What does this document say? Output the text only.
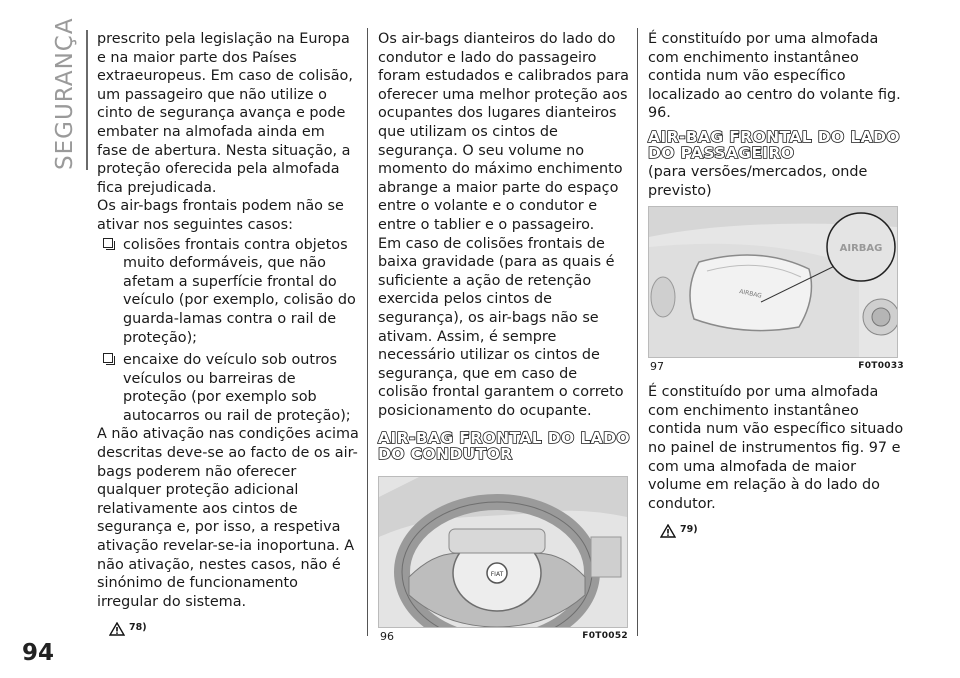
SEGURANÇA
94

prescrito pela legislação na Europa e na maior parte dos Países extraeuropeus. Em caso de colisão, um passageiro que não utilize o cinto de segurança avança e pode embater na almofada ainda em fase de abertura. Nesta situação, a proteção oferecida pela almofada fica prejudicada.

Os air-bags frontais podem não se ativar nos seguintes casos:

colisões frontais contra objetos muito deformáveis, que não afetam a superfície frontal do veículo (por exemplo, colisão do guarda-lamas contra o rail de proteção);
encaixe do veículo sob outros veículos ou barreiras de proteção (por exemplo sob autocarros ou rail de proteção);

A não ativação nas condições acima descritas deve-se ao facto de os air-bags poderem não oferecer qualquer proteção adicional relativamente aos cintos de segurança e, por isso, a respetiva ativação revelar-se-ia inoportuna. A não ativação, nestes casos, não é sinónimo de funcionamento irregular do sistema.

78)

Os air-bags dianteiros do lado do condutor e lado do passageiro foram estudados e calibrados para oferecer uma melhor proteção aos ocupantes dos lugares dianteiros que utilizam os cintos de segurança. O seu volume no momento do máximo enchimento abrange a maior parte do espaço entre o volante e o condutor e entre o tablier e o passageiro.

Em caso de colisões frontais de baixa gravidade (para as quais é suficiente a ação de retenção exercida pelos cintos de segurança), os air-bags não se ativam. Assim, é sempre necessário utilizar os cintos de segurança, que em caso de colisão frontal garantem o correto posicionamento do ocupante.

AIR-BAG FRONTAL DO LADO DO CONDUTOR
FIAT
96	F0T0052

É constituído por uma almofada com enchimento instantâneo contida num vão específico localizado ao centro do volante fig. 96.

AIR-BAG FRONTAL DO LADO DO PASSAGEIRO

(para versões/mercados, onde previsto)

AIRBAG
AIRBAG
97	F0T0033

É constituído por uma almofada com enchimento instantâneo contida num vão específico situado no painel de instrumentos fig. 97 e com uma almofada de maior volume em relação à do lado do condutor.

79)
